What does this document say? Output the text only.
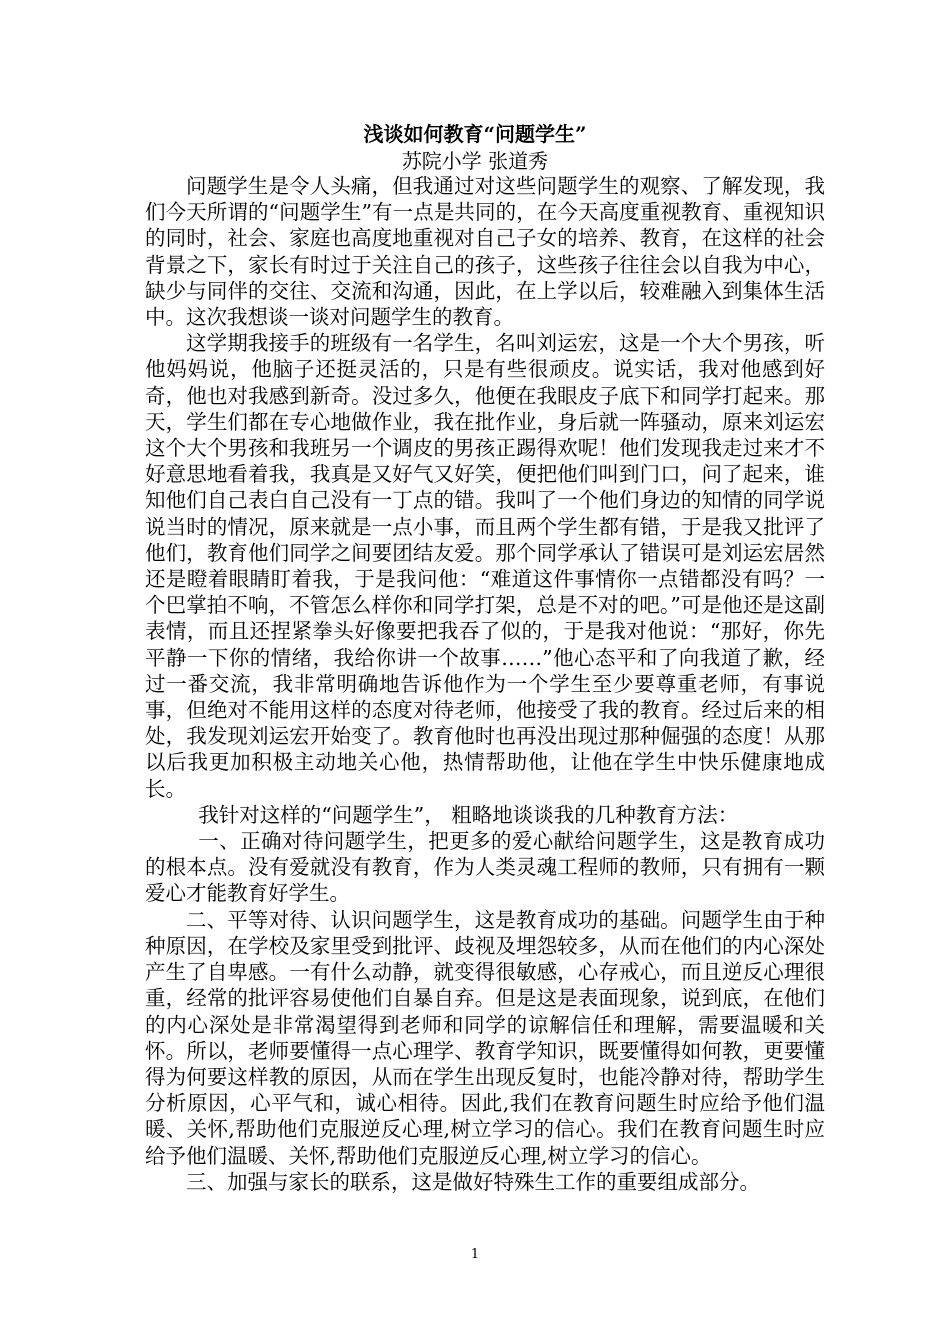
浅谈如何教育“问题学生”
苏院小学 张道秀

问题学生是令人头痛，但我通过对这些问题学生的观察、了解发现，我们今天所谓的“问题学生”有一点是共同的，在今天高度重视教育、重视知识的同时，社会、家庭也高度地重视对自己子女的培养、教育，在这样的社会背景之下，家长有时过于关注自己的孩子，这些孩子往往会以自我为中心，缺少与同伴的交往、交流和沟通，因此，在上学以后，较难融入到集体生活中。这次我想谈一谈对问题学生的教育。

这学期我接手的班级有一名学生，名叫刘运宏，这是一个大个男孩，听他妈妈说，他脑子还挺灵活的，只是有些很顽皮。说实话，我对他感到好奇，他也对我感到新奇。没过多久，他便在我眼皮子底下和同学打起来。那天，学生们都在专心地做作业，我在批作业，身后就一阵骚动，原来刘运宏这个大个男孩和我班另一个调皮的男孩正踢得欢呢！他们发现我走过来才不好意思地看着我，我真是又好气又好笑，便把他们叫到门口，问了起来，谁知他们自己表白自己没有一丁点的错。我叫了一个他们身边的知情的同学说说当时的情况，原来就是一点小事，而且两个学生都有错，于是我又批评了他们，教育他们同学之间要团结友爱。那个同学承认了错误可是刘运宏居然还是瞪着眼睛盯着我，于是我问他：“难道这件事情你一点错都没有吗？一个巴掌拍不响，不管怎么样你和同学打架，总是不对的吧。”可是他还是这副表情，而且还捏紧拳头好像要把我吞了似的，于是我对他说：“那好，你先平静一下你的情绪，我给你讲一个故事……”他心态平和了向我道了歉，经过一番交流，我非常明确地告诉他作为一个学生至少要尊重老师，有事说事，但绝对不能用这样的态度对待老师，他接受了我的教育。经过后来的相处，我发现刘运宏开始变了。教育他时也再没出现过那种倔强的态度！从那以后我更加积极主动地关心他，热情帮助他，让他在学生中快乐健康地成长。

我针对这样的“问题学生”， 粗略地谈谈我的几种教育方法：

一、正确对待问题学生，把更多的爱心献给问题学生，这是教育成功的根本点。没有爱就没有教育，作为人类灵魂工程师的教师，只有拥有一颗爱心才能教育好学生。

二、平等对待、认识问题学生，这是教育成功的基础。问题学生由于种种原因，在学校及家里受到批评、歧视及埋怨较多，从而在他们的内心深处产生了自卑感。一有什么动静，就变得很敏感，心存戒心，而且逆反心理很重，经常的批评容易使他们自暴自弃。但是这是表面现象，说到底，在他们的内心深处是非常渴望得到老师和同学的谅解信任和理解，需要温暖和关怀。所以，老师要懂得一点心理学、教育学知识，既要懂得如何教，更要懂得为何要这样教的原因，从而在学生出现反复时，也能冷静对待，帮助学生分析原因，心平气和，诚心相待。因此,我们在教育问题生时应给予他们温暖、关怀,帮助他们克服逆反心理,树立学习的信心。我们在教育问题生时应给予他们温暖、关怀,帮助他们克服逆反心理,树立学习的信心。

三、加强与家长的联系，这是做好特殊生工作的重要组成部分。

1
